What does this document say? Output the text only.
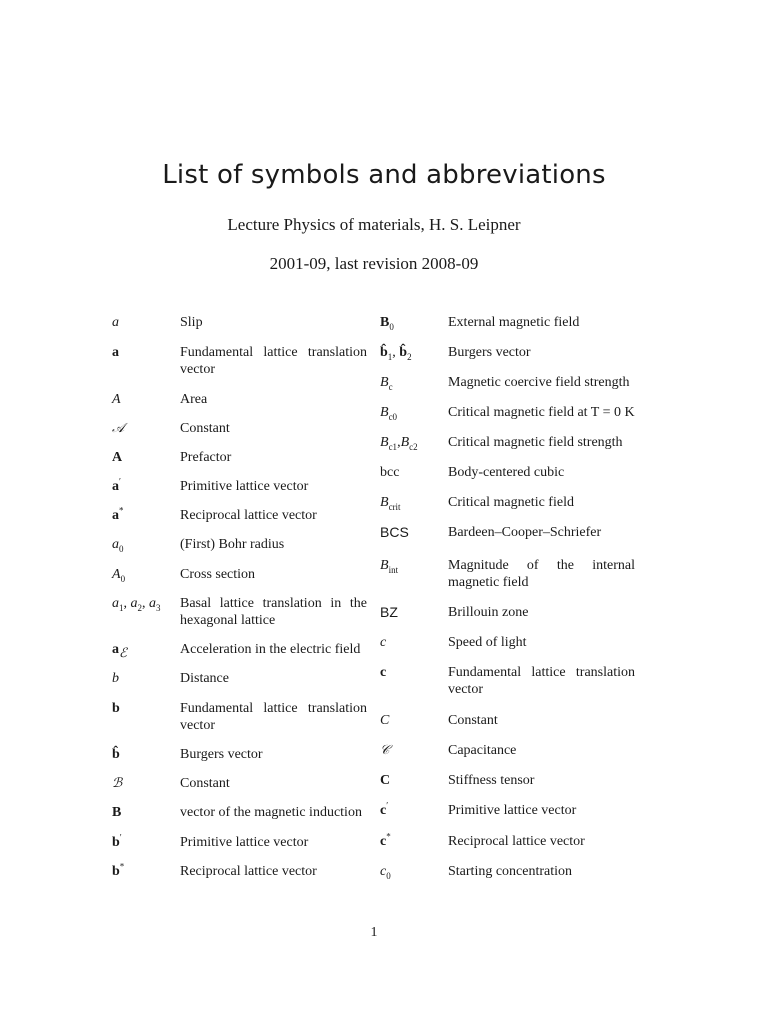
List of symbols and abbreviations
Lecture Physics of materials, H. S. Leipner
2001-09, last revision 2008-09
a	Slip
a	Fundamental lattice translation vector
A	Area
𝒜	Constant
A	Prefactor
a′	Primitive lattice vector
a*	Reciprocal lattice vector
$a_0$	(First) Bohr radius
$A_0$	Cross section
$a_1$, $a_2$, $a_3$ Basal lattice translation in the hexagonal lattice
$a_ℰ$	Acceleration in the electric field
b	Distance
b	Fundamental lattice translation vector
b̂	Burgers vector
ℬ	Constant
B	vector of the magnetic induction
b′	Primitive lattice vector
b*	Reciprocal lattice vector
$B_0$	External magnetic field
$b̂_1$, $b̂_2$	Burgers vector
$B_c$	Magnetic coercive field strength
$B_{c0}$	Critical magnetic field at T = 0 K
$B_{c1},B_{c2}$ Critical magnetic field strength
bcc	Body-centered cubic
$B_{crit}$	Critical magnetic field
BCS	Bardeen–Cooper–Schriefer
$B_{int}$	Magnitude of the internal magnetic field
BZ	Brillouin zone
c	Speed of light
c	Fundamental lattice translation vector
C	Constant
𝒞	Capacitance
C	Stiffness tensor
c′	Primitive lattice vector
c*	Reciprocal lattice vector
$c_0$	Starting concentration
1
